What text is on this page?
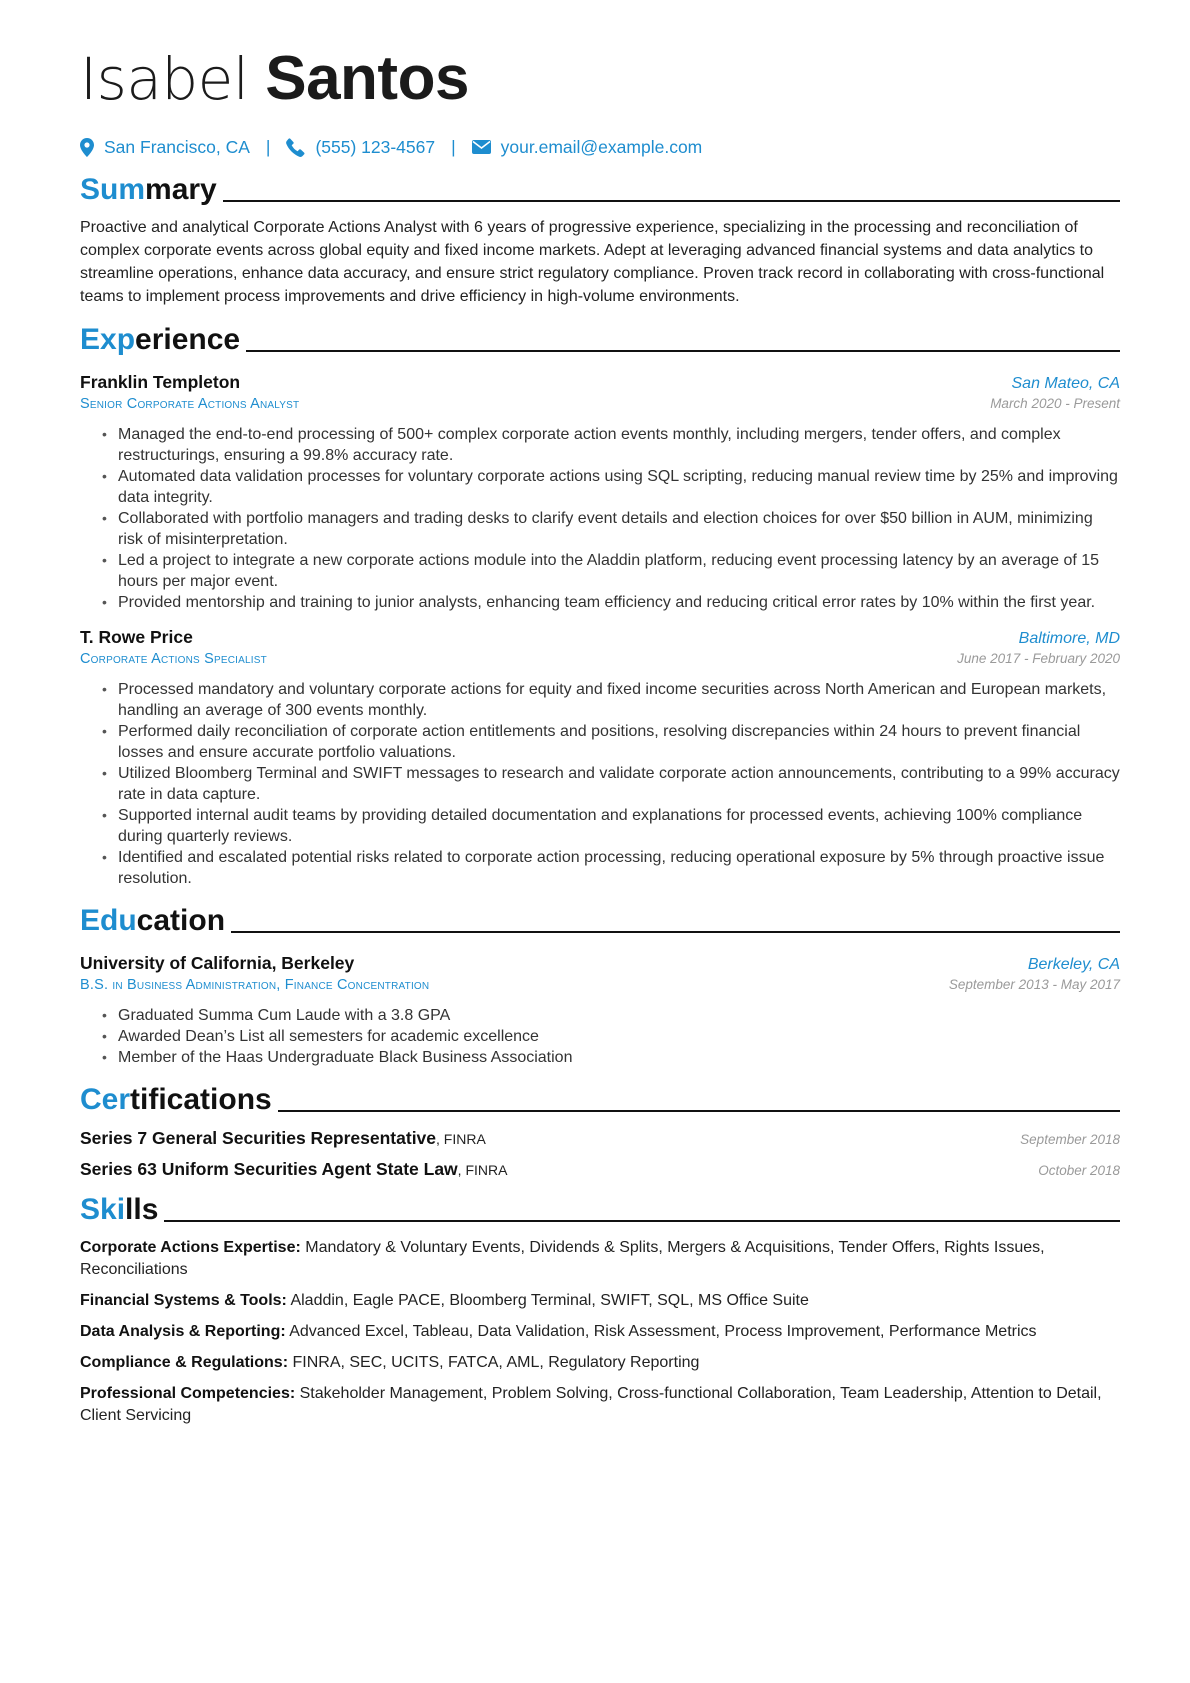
Isabel Santos
San Francisco, CA |	(555) 123-4567 |	your.email@example.com
Summary
Proactive and analytical Corporate Actions Analyst with 6 years of progressive experience, specializing in the processing and reconciliation of complex corporate events across global equity and fixed income markets. Adept at leveraging advanced financial systems and data analytics to streamline operations, enhance data accuracy, and ensure strict regulatory compliance. Proven track record in collaborating with cross-functional teams to implement process improvements and drive efficiency in high-volume environments.
Experience
Franklin Templeton	San Mateo, CA
Senior Corporate Actions Analyst	March 2020 - Present
• Managed the end-to-end processing of 500+ complex corporate action events monthly, including mergers, tender offers, and complex restructurings, ensuring a 99.8% accuracy rate.
• Automated data validation processes for voluntary corporate actions using SQL scripting, reducing manual review time by 25% and improving data integrity.
• Collaborated with portfolio managers and trading desks to clarify event details and election choices for over $50 billion in AUM, minimizing risk of misinterpretation.
• Led a project to integrate a new corporate actions module into the Aladdin platform, reducing event processing latency by an average of 15 hours per major event.
• Provided mentorship and training to junior analysts, enhancing team efficiency and reducing critical error rates by 10% within the first year.
T. Rowe Price	Baltimore, MD
Corporate Actions Specialist	June 2017 - February 2020
• Processed mandatory and voluntary corporate actions for equity and fixed income securities across North American and European markets, handling an average of 300 events monthly.
• Performed daily reconciliation of corporate action entitlements and positions, resolving discrepancies within 24 hours to prevent financial losses and ensure accurate portfolio valuations.
• Utilized Bloomberg Terminal and SWIFT messages to research and validate corporate action announcements, contributing to a 99% accuracy rate in data capture.
• Supported internal audit teams by providing detailed documentation and explanations for processed events, achieving 100% compliance during quarterly reviews.
• Identified and escalated potential risks related to corporate action processing, reducing operational exposure by 5% through proactive issue resolution.
Education
University of California, Berkeley	Berkeley, CA
B.S. in Business Administration, Finance Concentration	September 2013 - May 2017
• Graduated Summa Cum Laude with a 3.8 GPA
• Awarded Dean’s List all semesters for academic excellence
• Member of the Haas Undergraduate Black Business Association
Certifications
Series 7 General Securities Representative, FINRA	September 2018
Series 63 Uniform Securities Agent State Law, FINRA	October 2018
Skills
Corporate Actions Expertise: Mandatory & Voluntary Events, Dividends & Splits, Mergers & Acquisitions, Tender Offers, Rights Issues, Reconciliations
Financial Systems & Tools: Aladdin, Eagle PACE, Bloomberg Terminal, SWIFT, SQL, MS Office Suite
Data Analysis & Reporting: Advanced Excel, Tableau, Data Validation, Risk Assessment, Process Improvement, Performance Metrics
Compliance & Regulations: FINRA, SEC, UCITS, FATCA, AML, Regulatory Reporting
Professional Competencies: Stakeholder Management, Problem Solving, Cross-functional Collaboration, Team Leadership, Attention to Detail, Client Servicing
